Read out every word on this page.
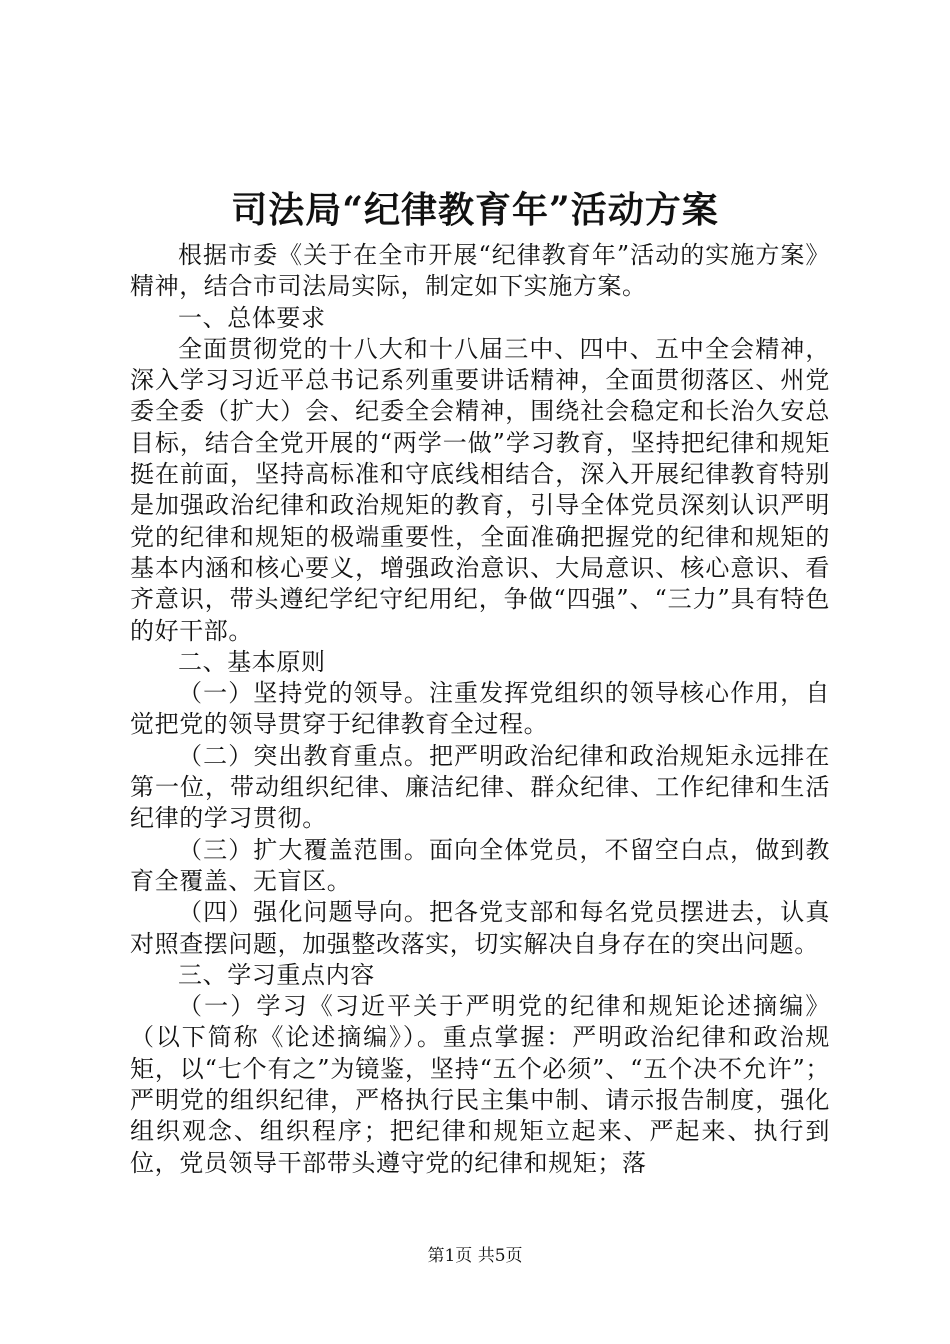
司法局“纪律教育年”活动方案

根据市委《关于在全市开展“纪律教育年”活动的实施方案》精神，结合市司法局实际，制定如下实施方案。

一、总体要求

全面贯彻党的十八大和十八届三中、四中、五中全会精神，深入学习习近平总书记系列重要讲话精神，全面贯彻落区、州党委全委（扩大）会、纪委全会精神，围绕社会稳定和长治久安总目标，结合全党开展的“两学一做”学习教育，坚持把纪律和规矩挺在前面，坚持高标准和守底线相结合，深入开展纪律教育特别是加强政治纪律和政治规矩的教育，引导全体党员深刻认识严明党的纪律和规矩的极端重要性，全面准确把握党的纪律和规矩的基本内涵和核心要义，增强政治意识、大局意识、核心意识、看齐意识，带头遵纪学纪守纪用纪，争做“四强”、“三力”具有特色的好干部。

二、基本原则

（一）坚持党的领导。注重发挥党组织的领导核心作用，自觉把党的领导贯穿于纪律教育全过程。

（二）突出教育重点。把严明政治纪律和政治规矩永远排在第一位，带动组织纪律、廉洁纪律、群众纪律、工作纪律和生活纪律的学习贯彻。

（三）扩大覆盖范围。面向全体党员，不留空白点，做到教育全覆盖、无盲区。

（四）强化问题导向。把各党支部和每名党员摆进去，认真对照查摆问题，加强整改落实，切实解决自身存在的突出问题。

三、学习重点内容

（一）学习《习近平关于严明党的纪律和规矩论述摘编》（以下简称《论述摘编》）。重点掌握：严明政治纪律和政治规矩，以“七个有之”为镜鉴，坚持“五个必须”、“五个决不允许”；严明党的组织纪律，严格执行民主集中制、请示报告制度，强化组织观念、组织程序；把纪律和规矩立起来、严起来、执行到位，党员领导干部带头遵守党的纪律和规矩；落

第1页 共5页
